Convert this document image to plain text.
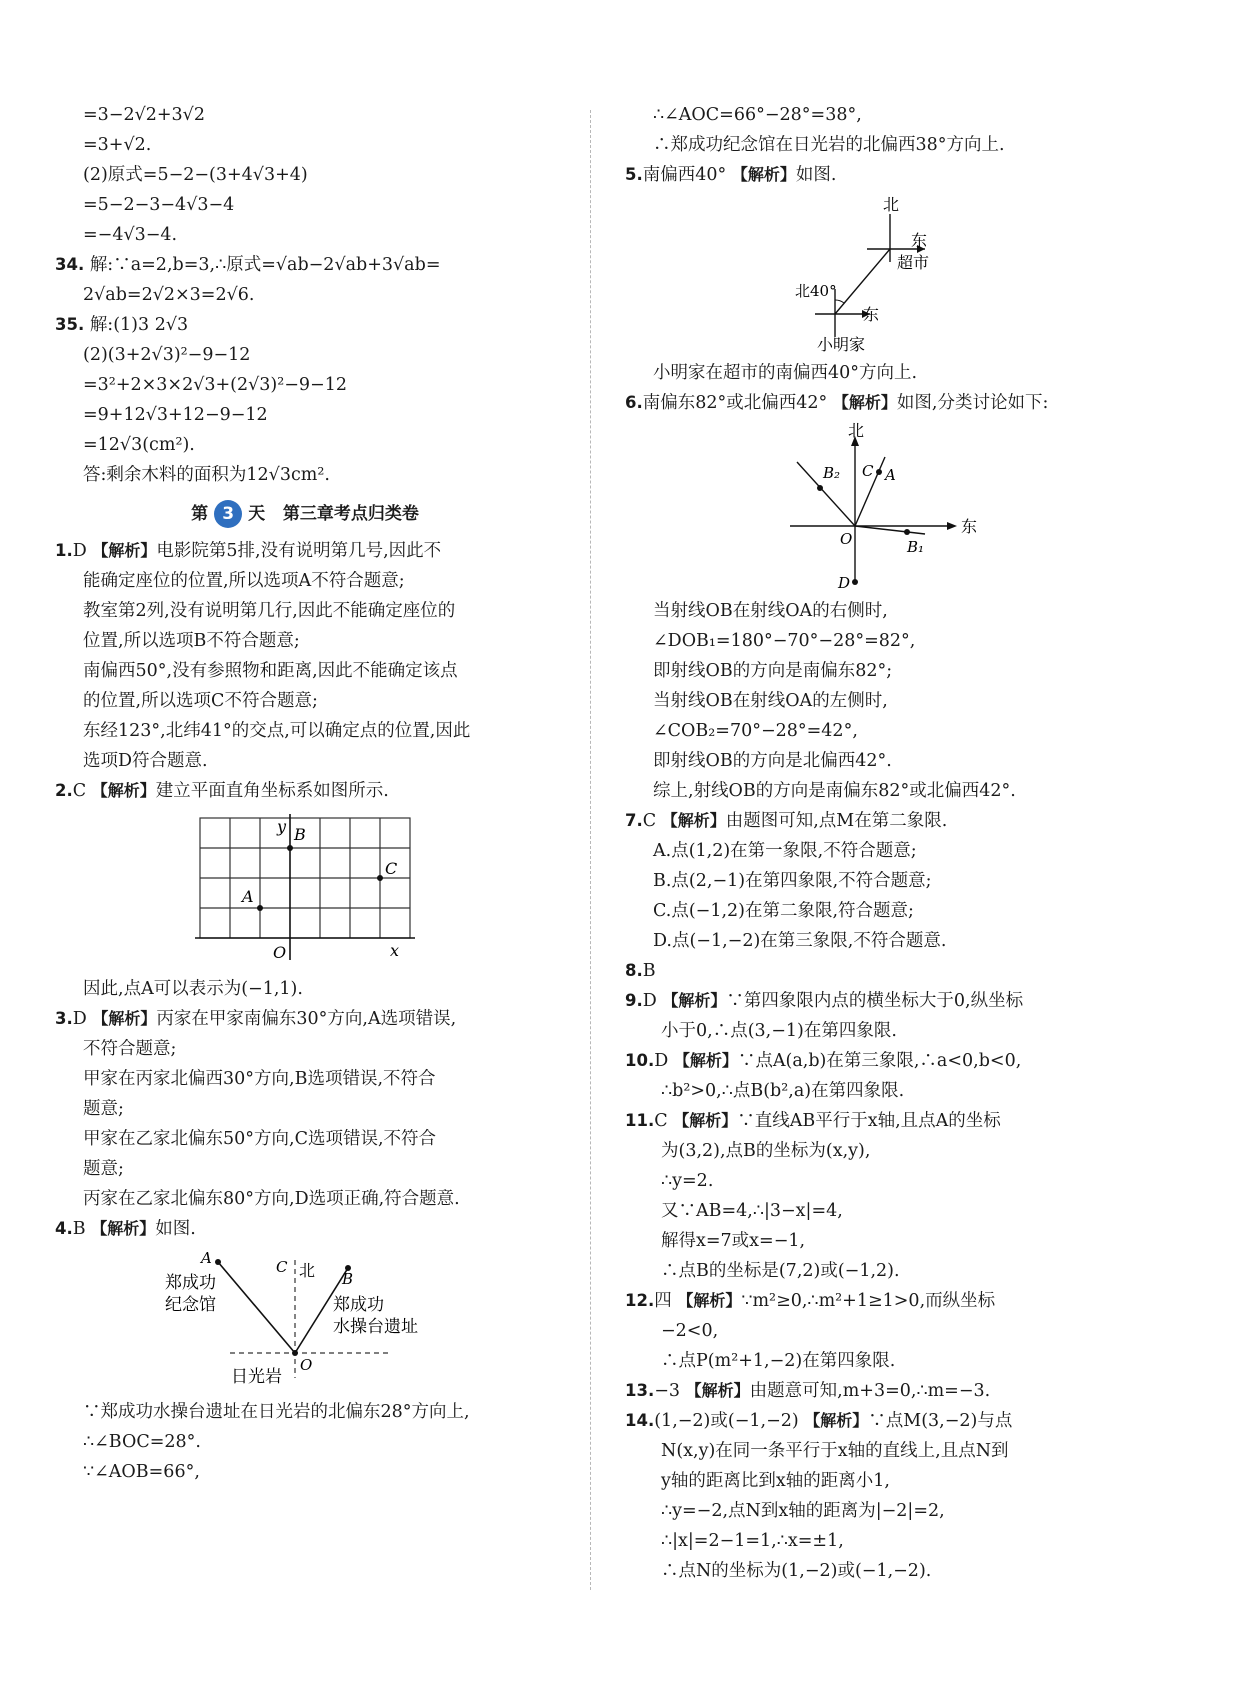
=3−2√2+3√2

=3+√2.

(2)原式=5−2−(3+4√3+4)

=5−2−3−4√3−4

=−4√3−4.

34. 解:∵a=2,b=3,∴原式=√ab−2√ab+3√ab=

2√ab=2√2×3=2√6.

35. 解:(1)3 2√3

(2)(3+2√3)²−9−12

=3²+2×3×2√3+(2√3)²−9−12

=9+12√3+12−9−12

=12√3(cm²).

答:剩余木料的面积为12√3cm².

第 3 天 第三章考点归类卷

1.D 【解析】电影院第5排,没有说明第几号,因此不

能确定座位的位置,所以选项A不符合题意;

教室第2列,没有说明第几行,因此不能确定座位的

位置,所以选项B不符合题意;

南偏西50°,没有参照物和距离,因此不能确定该点

的位置,所以选项C不符合题意;

东经123°,北纬41°的交点,可以确定点的位置,因此

选项D符合题意.

2.C 【解析】建立平面直角坐标系如图所示.

y B
A
C
O	x

因此,点A可以表示为(−1,1).

3.D 【解析】丙家在甲家南偏东30°方向,A选项错误,

不符合题意;

甲家在丙家北偏西30°方向,B选项错误,不符合

题意;

甲家在乙家北偏东50°方向,C选项错误,不符合

题意;

丙家在乙家北偏东80°方向,D选项正确,符合题意.

4.B 【解析】如图.

A	C 北 B
O
郑成功
纪念馆	郑成功
水操台遗址
日光岩

∵郑成功水操台遗址在日光岩的北偏东28°方向上,

∴∠BOC=28°.

∵∠AOB=66°,

∴∠AOC=66°−28°=38°,

∴郑成功纪念馆在日光岩的北偏西38°方向上.

5.南偏西40° 【解析】如图.

北
东
超市
北40°
东
小明家

小明家在超市的南偏西40°方向上.

6.南偏东82°或北偏西42° 【解析】如图,分类讨论如下:

北
B₂ C A
东
O	B₁
D

当射线OB在射线OA的右侧时,

∠DOB₁=180°−70°−28°=82°,

即射线OB的方向是南偏东82°;

当射线OB在射线OA的左侧时,

∠COB₂=70°−28°=42°,

即射线OB的方向是北偏西42°.

综上,射线OB的方向是南偏东82°或北偏西42°.

7.C 【解析】由题图可知,点M在第二象限.

A.点(1,2)在第一象限,不符合题意;

B.点(2,−1)在第四象限,不符合题意;

C.点(−1,2)在第二象限,符合题意;

D.点(−1,−2)在第三象限,不符合题意.

8.B

9.D 【解析】∵第四象限内点的横坐标大于0,纵坐标

小于0,∴点(3,−1)在第四象限.

10.D 【解析】∵点A(a,b)在第三象限,∴a<0,b<0,

∴b²>0,∴点B(b²,a)在第四象限.

11.C 【解析】∵直线AB平行于x轴,且点A的坐标

为(3,2),点B的坐标为(x,y),

∴y=2.

又∵AB=4,∴|3−x|=4,

解得x=7或x=−1,

∴点B的坐标是(7,2)或(−1,2).

12.四 【解析】∵m²≥0,∴m²+1≥1>0,而纵坐标

−2<0,

∴点P(m²+1,−2)在第四象限.

13.−3 【解析】由题意可知,m+3=0,∴m=−3.

14.(1,−2)或(−1,−2) 【解析】∵点M(3,−2)与点

N(x,y)在同一条平行于x轴的直线上,且点N到

y轴的距离比到x轴的距离小1,

∴y=−2,点N到x轴的距离为|−2|=2,

∴|x|=2−1=1,∴x=±1,

∴点N的坐标为(1,−2)或(−1,−2).
